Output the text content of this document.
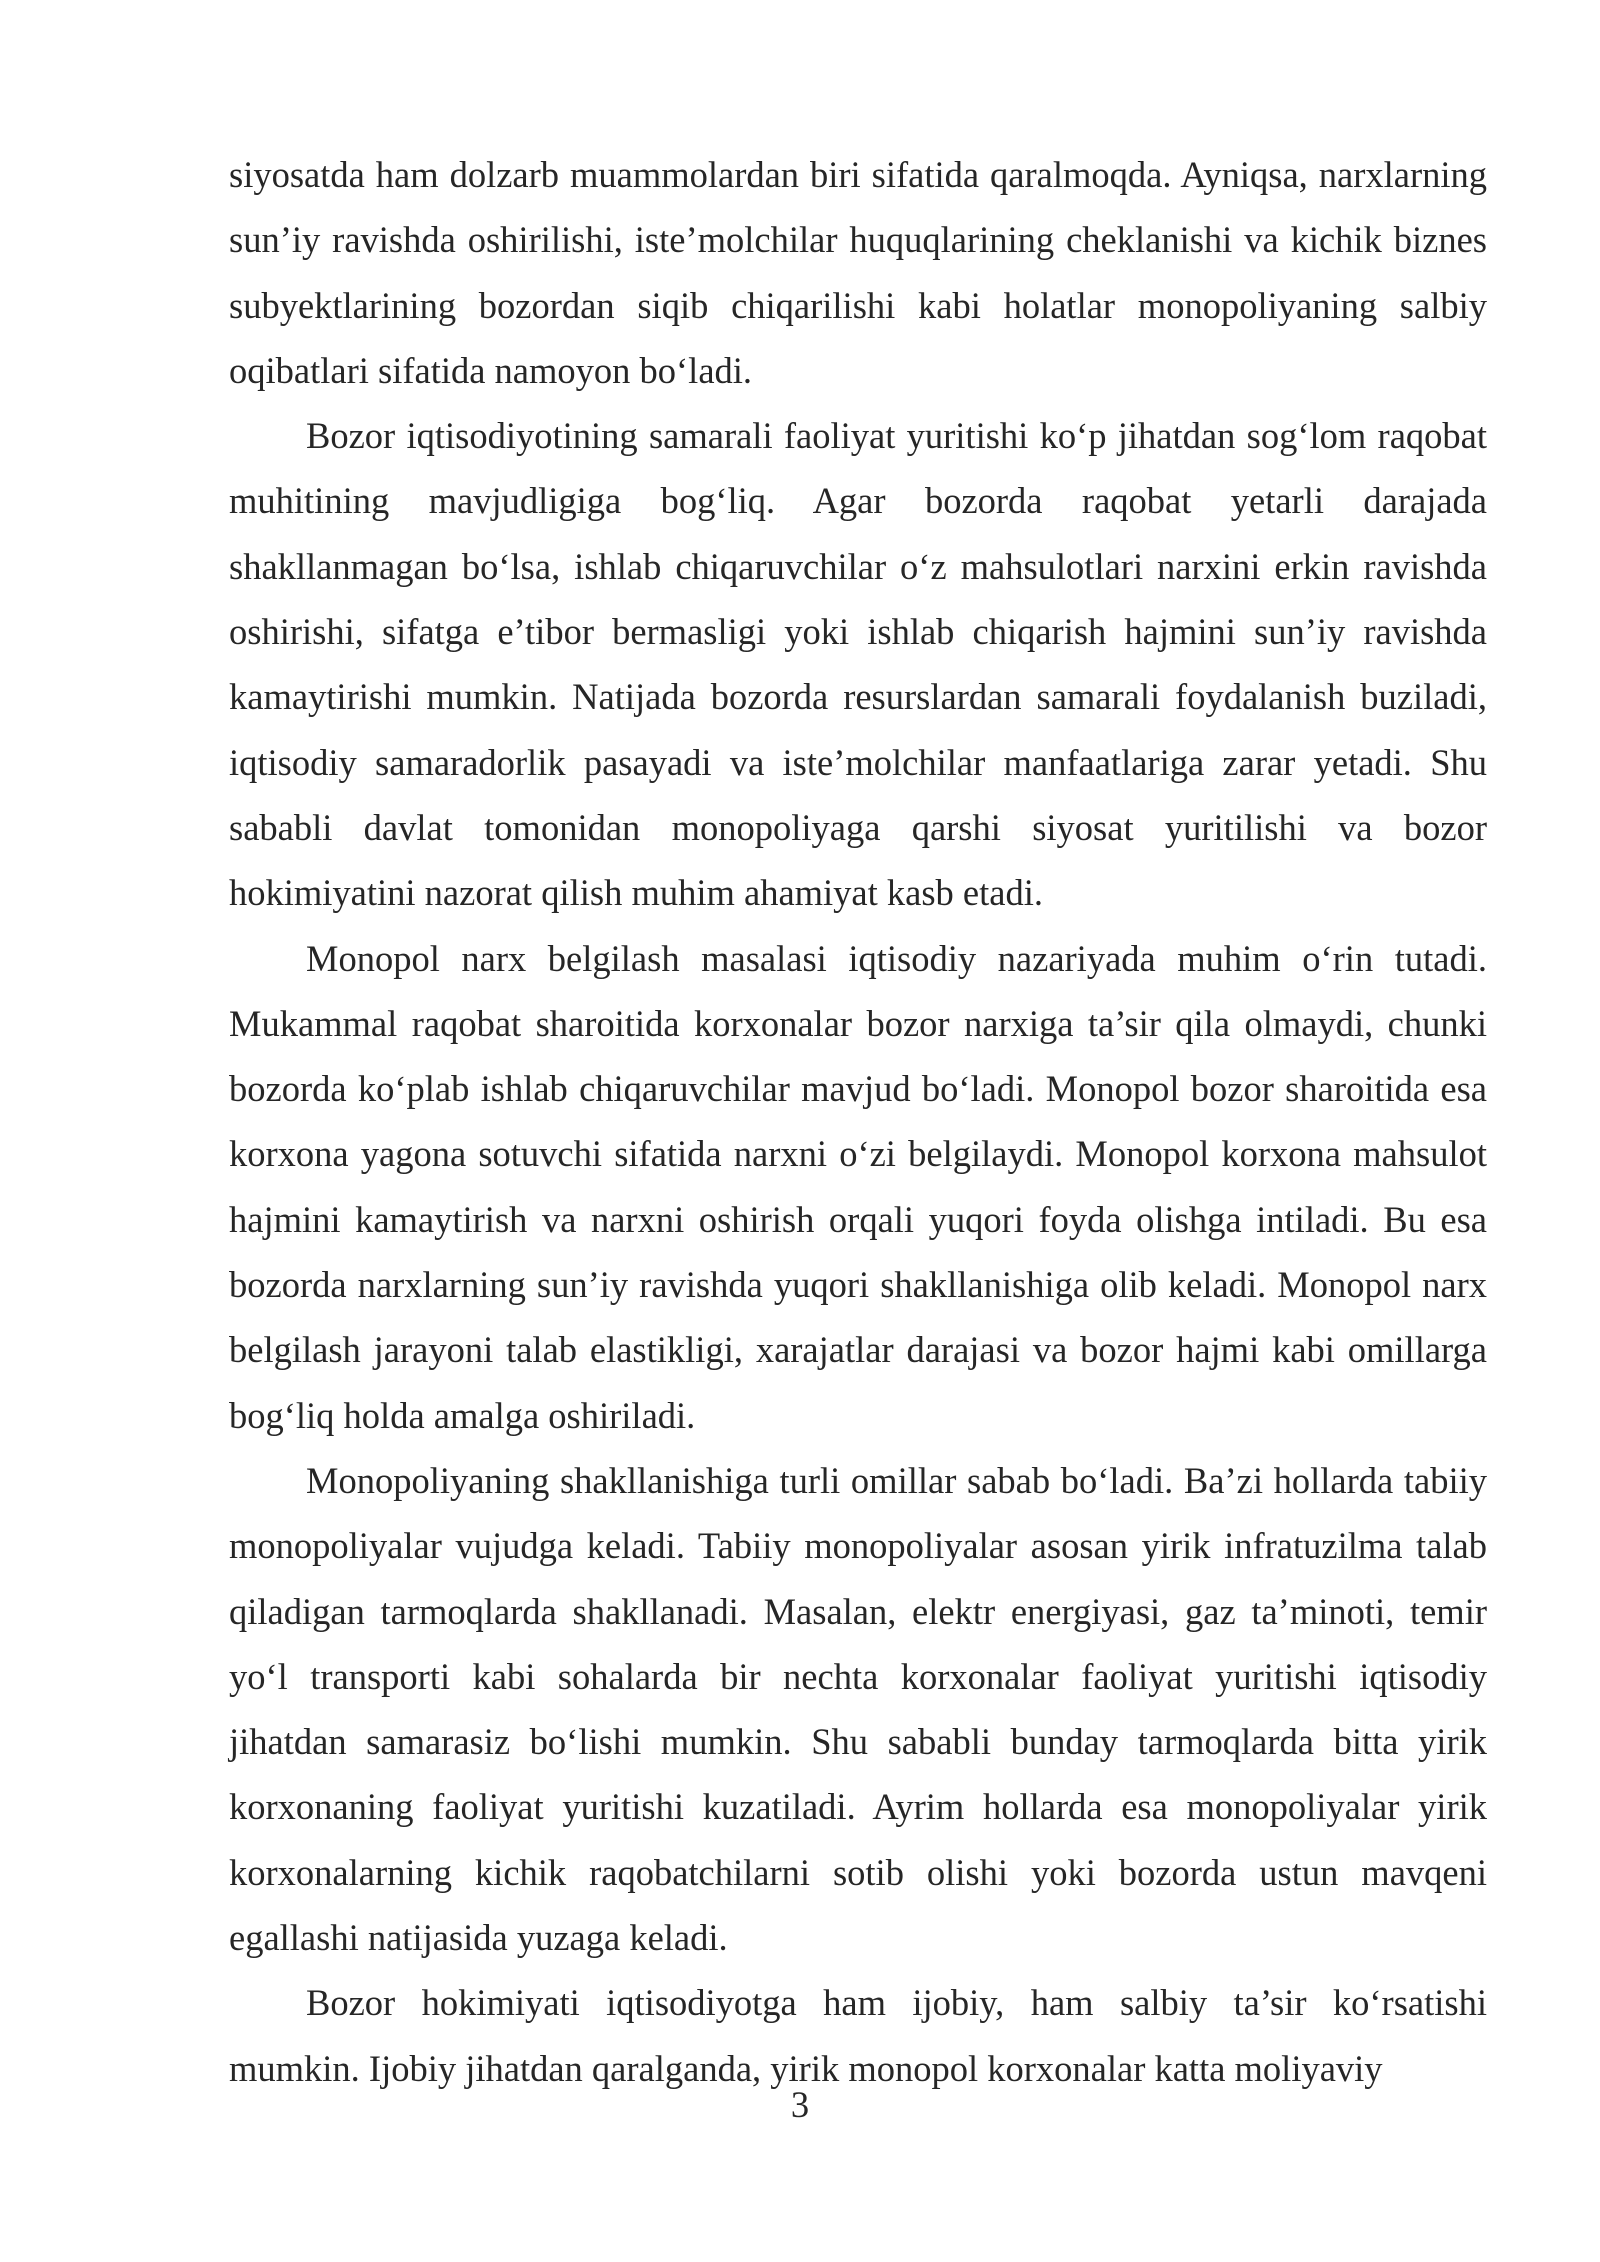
siyosatda ham dolzarb muammolardan biri sifatida qaralmoqda. Ayniqsa, narxlarning sun’iy ravishda oshirilishi, iste’molchilar huquqlarining cheklanishi va kichik biznes subyektlarining bozordan siqib chiqarilishi kabi holatlar monopoliyaning salbiy oqibatlari sifatida namoyon bo‘ladi.

Bozor iqtisodiyotining samarali faoliyat yuritishi ko‘p jihatdan sog‘lom raqobat muhitining mavjudligiga bog‘liq. Agar bozorda raqobat yetarli darajada shakllanmagan bo‘lsa, ishlab chiqaruvchilar o‘z mahsulotlari narxini erkin ravishda oshirishi, sifatga e’tibor bermasligi yoki ishlab chiqarish hajmini sun’iy ravishda kamaytirishi mumkin. Natijada bozorda resurslardan samarali foydalanish buziladi, iqtisodiy samaradorlik pasayadi va iste’molchilar manfaatlariga zarar yetadi. Shu sababli davlat tomonidan monopoliyaga qarshi siyosat yuritilishi va bozor hokimiyatini nazorat qilish muhim ahamiyat kasb etadi.

Monopol narx belgilash masalasi iqtisodiy nazariyada muhim o‘rin tutadi. Mukammal raqobat sharoitida korxonalar bozor narxiga ta’sir qila olmaydi, chunki bozorda ko‘plab ishlab chiqaruvchilar mavjud bo‘ladi. Monopol bozor sharoitida esa korxona yagona sotuvchi sifatida narxni o‘zi belgilaydi. Monopol korxona mahsulot hajmini kamaytirish va narxni oshirish orqali yuqori foyda olishga intiladi. Bu esa bozorda narxlarning sun’iy ravishda yuqori shakllanishiga olib keladi. Monopol narx belgilash jarayoni talab elastikligi, xarajatlar darajasi va bozor hajmi kabi omillarga bog‘liq holda amalga oshiriladi.

Monopoliyaning shakllanishiga turli omillar sabab bo‘ladi. Ba’zi hollarda tabiiy monopoliyalar vujudga keladi. Tabiiy monopoliyalar asosan yirik infratuzilma talab qiladigan tarmoqlarda shakllanadi. Masalan, elektr energiyasi, gaz ta’minoti, temir yo‘l transporti kabi sohalarda bir nechta korxonalar faoliyat yuritishi iqtisodiy jihatdan samarasiz bo‘lishi mumkin. Shu sababli bunday tarmoqlarda bitta yirik korxonaning faoliyat yuritishi kuzatiladi. Ayrim hollarda esa monopoliyalar yirik korxonalarning kichik raqobatchilarni sotib olishi yoki bozorda ustun mavqeni egallashi natijasida yuzaga keladi.

Bozor hokimiyati iqtisodiyotga ham ijobiy, ham salbiy ta’sir ko‘rsatishi mumkin. Ijobiy jihatdan qaralganda, yirik monopol korxonalar katta moliyaviy

3
